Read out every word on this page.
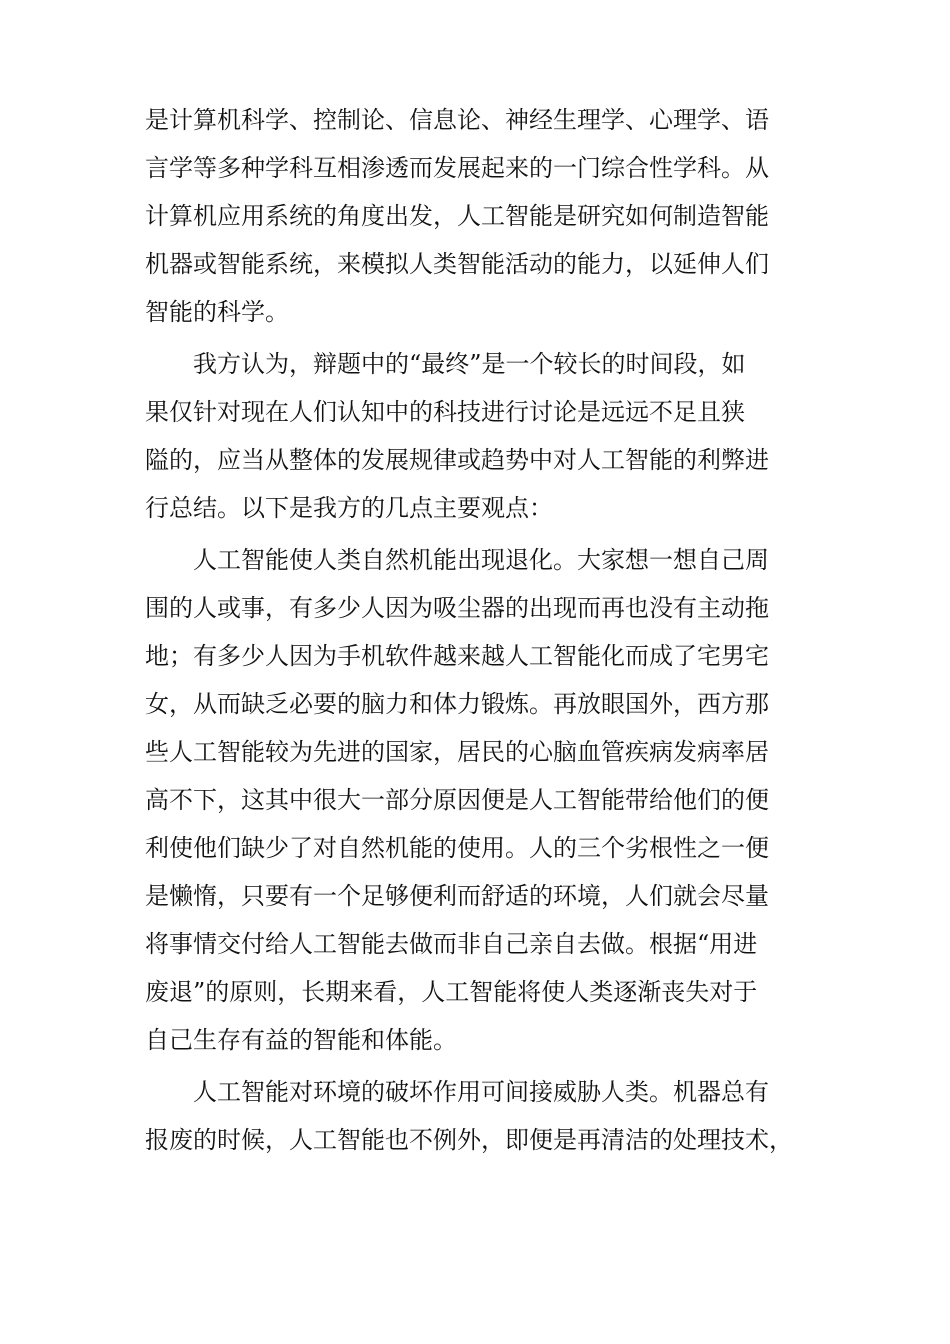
是计算机科学、控制论、信息论、神经生理学、心理学、语
言学等多种学科互相渗透而发展起来的一门综合性学科。从
计算机应用系统的角度出发，人工智能是研究如何制造智能
机器或智能系统，来模拟人类智能活动的能力，以延伸人们
智能的科学。
　　我方认为，辩题中的“最终”是一个较长的时间段，如
果仅针对现在人们认知中的科技进行讨论是远远不足且狭
隘的，应当从整体的发展规律或趋势中对人工智能的利弊进
行总结。以下是我方的几点主要观点：
　　人工智能使人类自然机能出现退化。大家想一想自己周
围的人或事，有多少人因为吸尘器的出现而再也没有主动拖
地；有多少人因为手机软件越来越人工智能化而成了宅男宅
女，从而缺乏必要的脑力和体力锻炼。再放眼国外，西方那
些人工智能较为先进的国家，居民的心脑血管疾病发病率居
高不下，这其中很大一部分原因便是人工智能带给他们的便
利使他们缺少了对自然机能的使用。人的三个劣根性之一便
是懒惰，只要有一个足够便利而舒适的环境，人们就会尽量
将事情交付给人工智能去做而非自己亲自去做。根据“用进
废退”的原则，长期来看，人工智能将使人类逐渐丧失对于
自己生存有益的智能和体能。
　　人工智能对环境的破坏作用可间接威胁人类。机器总有
报废的时候，人工智能也不例外，即便是再清洁的处理技术，
